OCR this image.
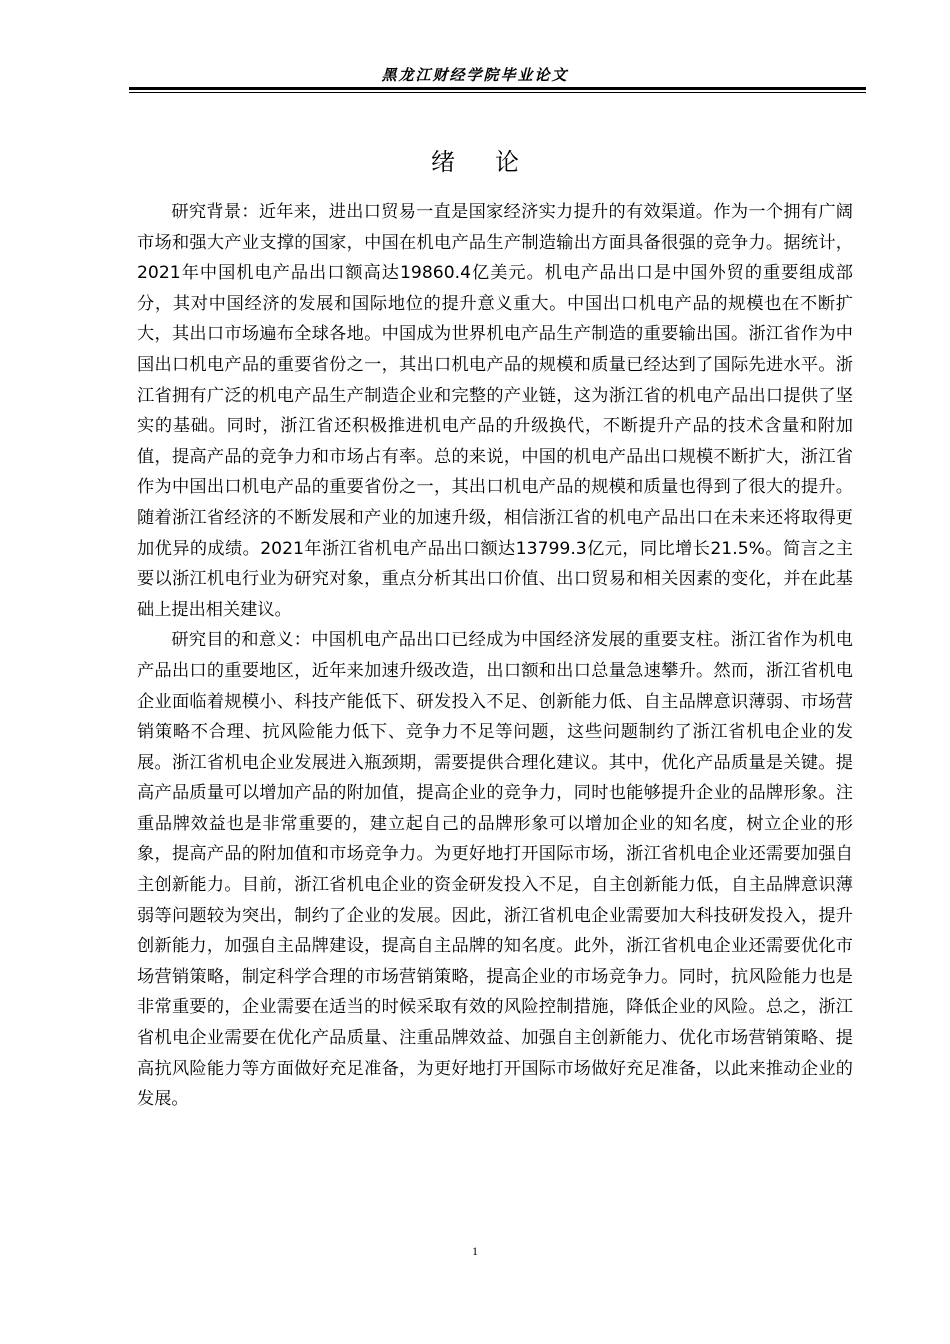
黑龙江财经学院毕业论文
绪论

研究背景：近年来，进出口贸易一直是国家经济实力提升的有效渠道。作为一个拥有广阔市场和强大产业支撑的国家，中国在机电产品生产制造输出方面具备很强的竞争力。据统计，2021年中国机电产品出口额高达19860.4亿美元。机电产品出口是中国外贸的重要组成部分，其对中国经济的发展和国际地位的提升意义重大。中国出口机电产品的规模也在不断扩大，其出口市场遍布全球各地。中国成为世界机电产品生产制造的重要输出国。浙江省作为中国出口机电产品的重要省份之一，其出口机电产品的规模和质量已经达到了国际先进水平。浙江省拥有广泛的机电产品生产制造企业和完整的产业链，这为浙江省的机电产品出口提供了坚实的基础。同时，浙江省还积极推进机电产品的升级换代，不断提升产品的技术含量和附加值，提高产品的竞争力和市场占有率。总的来说，中国的机电产品出口规模不断扩大，浙江省作为中国出口机电产品的重要省份之一，其出口机电产品的规模和质量也得到了很大的提升。随着浙江省经济的不断发展和产业的加速升级，相信浙江省的机电产品出口在未来还将取得更加优异的成绩。2021年浙江省机电产品出口额达13799.3亿元，同比增长21.5%。简言之主要以浙江机电行业为研究对象，重点分析其出口价值、出口贸易和相关因素的变化，并在此基础上提出相关建议。

研究目的和意义：中国机电产品出口已经成为中国经济发展的重要支柱。浙江省作为机电产品出口的重要地区，近年来加速升级改造，出口额和出口总量急速攀升。然而，浙江省机电企业面临着规模小、科技产能低下、研发投入不足、创新能力低、自主品牌意识薄弱、市场营销策略不合理、抗风险能力低下、竞争力不足等问题，这些问题制约了浙江省机电企业的发展。浙江省机电企业发展进入瓶颈期，需要提供合理化建议。其中，优化产品质量是关键。提高产品质量可以增加产品的附加值，提高企业的竞争力，同时也能够提升企业的品牌形象。注重品牌效益也是非常重要的，建立起自己的品牌形象可以增加企业的知名度，树立企业的形象，提高产品的附加值和市场竞争力。为更好地打开国际市场，浙江省机电企业还需要加强自主创新能力。目前，浙江省机电企业的资金研发投入不足，自主创新能力低，自主品牌意识薄弱等问题较为突出，制约了企业的发展。因此，浙江省机电企业需要加大科技研发投入，提升创新能力，加强自主品牌建设，提高自主品牌的知名度。此外，浙江省机电企业还需要优化市场营销策略，制定科学合理的市场营销策略，提高企业的市场竞争力。同时，抗风险能力也是非常重要的，企业需要在适当的时候采取有效的风险控制措施，降低企业的风险。总之，浙江省机电企业需要在优化产品质量、注重品牌效益、加强自主创新能力、优化市场营销策略、提高抗风险能力等方面做好充足准备，为更好地打开国际市场做好充足准备，以此来推动企业的发展。

1
